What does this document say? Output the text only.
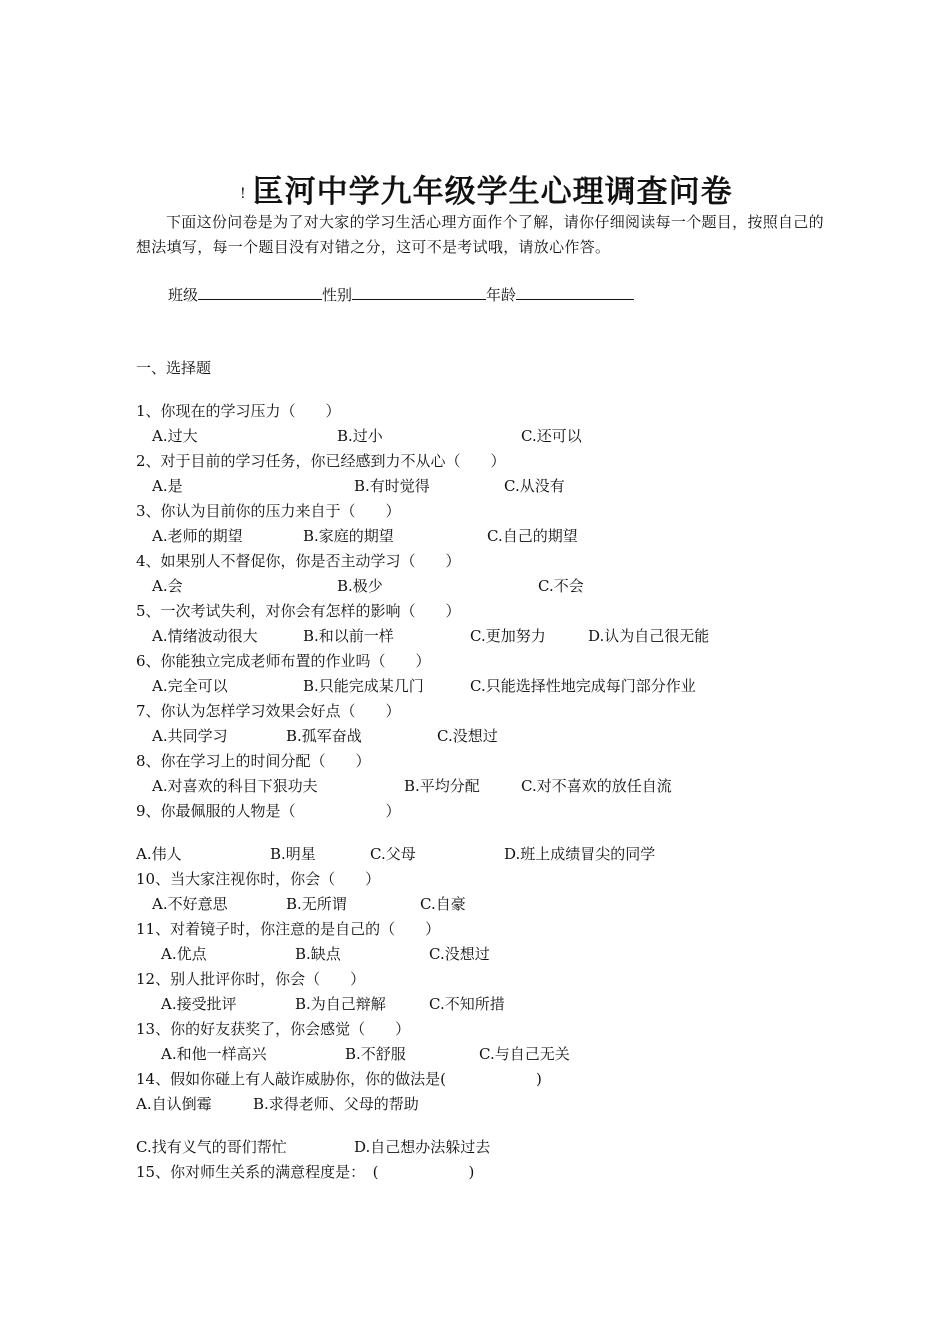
! 匡河中学九年级学生心理调查问卷
下面这份问卷是为了对大家的学习生活心理方面作个了解，请你仔细阅读每一个题目，按照自己的想法填写，每一个题目没有对错之分，这可不是考试哦，请放心作答。
班级	性别	年龄
一、选择题
1、你现在的学习压力（　　）
A.过大	B.过小	C.还可以
2、对于目前的学习任务，你已经感到力不从心（　　）
A.是	B.有时觉得	C.从没有
3、你认为目前你的压力来自于（　　）
A.老师的期望	B.家庭的期望	C.自己的期望
4、如果别人不督促你，你是否主动学习（　　）
A.会	B.极少	C.不会
5、一次考试失利，对你会有怎样的影响（　　）
A.情绪波动很大	B.和以前一样	C.更加努力	D.认为自己很无能
6、你能独立完成老师布置的作业吗（　　）
A.完全可以	B.只能完成某几门	C.只能选择性地完成每门部分作业
7、你认为怎样学习效果会好点（　　）
A.共同学习	B.孤军奋战	C.没想过
8、你在学习上的时间分配（　　）
A.对喜欢的科目下狠功夫	B.平均分配	C.对不喜欢的放任自流
9、你最佩服的人物是（　　　　　　）
A.伟人	B.明星	C.父母	D.班上成绩冒尖的同学
10、当大家注视你时，你会（　　）
A.不好意思	B.无所谓	C.自豪
11、对着镜子时，你注意的是自己的（　　）
A.优点	B.缺点	C.没想过
12、别人批评你时，你会（　　）
A.接受批评	B.为自己辩解	C.不知所措
13、你的好友获奖了，你会感觉（　　）
A.和他一样高兴	B.不舒服	C.与自己无关
14、假如你碰上有人敲诈威胁你，你的做法是(　　　　　　)
A.自认倒霉	B.求得老师、父母的帮助
C.找有义气的哥们帮忙	D.自己想办法躲过去
15、你对师生关系的满意程度是：　(　　　　　　)
